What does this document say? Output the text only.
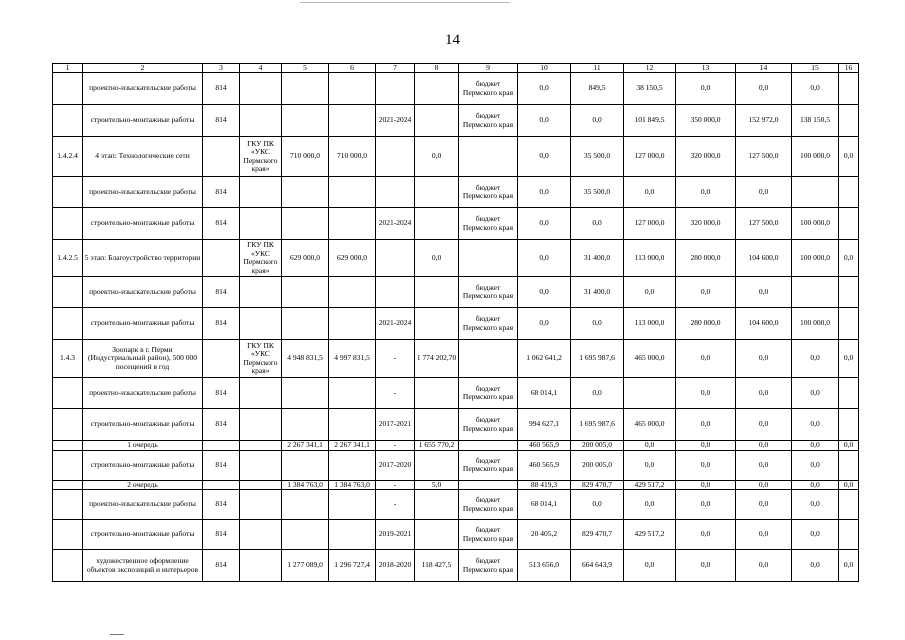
14
1	2	3	4	5	6	7	8	9	10	11	12	13	14	15	16
	проектно-изыскательские работы	814						бюджет Пермского края	0,0	849,5	38 150,5	0,0	0,0	0,0	
	строительно-монтажные работы	814				2021-2024		бюджет Пермского края	0,0	0,0	101 849,5	350 000,0	152 972,0	138 150,5	
1.4.2.4	4 этап: Технологические сети		ГКУ ПК «УКС Пермского края»	710 000,0	710 000,0		0,0		0,0	35 500,0	127 000,0	320 000,0	127 500,0	100 000,0	0,0
	проектно-изыскательские работы	814						бюджет Пермского края	0,0	35 500,0	0,0	0,0	0,0		
	строительно-монтажные работы	814				2021-2024		бюджет Пермского края	0,0	0,0	127 000,0	320 000,0	127 500,0	100 000,0	
1.4.2.5	5 этап: Благоустройство территории		ГКУ ПК «УКС Пермского края»	629 000,0	629 000,0		0,0		0,0	31 400,0	113 000,0	280 000,0	104 600,0	100 000,0	0,0
	проектно-изыскательские работы	814						бюджет Пермского края	0,0	31 400,0	0,0	0,0	0,0		
	строительно-монтажные работы	814				2021-2024		бюджет Пермского края	0,0	0,0	113 000,0	280 000,0	104 600,0	100 000,0	
1.4.3	Зоопарк в г. Перми (Индустриальный район), 500 000 посещений в год		ГКУ ПК «УКС Пермского края»	4 948 831,5	4 997 831,5	-	1 774 202,70		1 062 641,2	1 695 987,6	465 000,0	0,0	0,0	0,0	0,0
	проектно-изыскательские работы	814				-		бюджет Пермского края	68 014,1	0,0		0,0	0,0	0,0	
	строительно-монтажные работы	814				2017-2021		бюджет Пермского края	994 627,1	1 695 987,6	465 000,0	0,0	0,0	0,0	
	1 очередь			2 267 341,1	2 267 341,1	-	1 655 770,2		460 565,9	200 005,0	0,0	0,0	0,0	0,0	0,0
	строительно-монтажные работы	814				2017-2020		бюджет Пермского края	460 565,9	200 005,0	0,0	0,0	0,0	0,0	
	2 очередь			1 384 763,0	1 384 763,0	-	5,0		88 419,3	829 470,7	429 517,2	0,0	0,0	0,0	0,0
	проектно-изыскательские работы	814				-		бюджет Пермского края	68 014,1	0,0	0,0	0,0	0,0	0,0	
	строительно-монтажные работы	814				2019-2021		бюджет Пермского края	20 405,2	829 470,7	429 517,2	0,0	0,0	0,0	
	художественное оформление объектов экспозиций и интерьеров	814		1 277 089,0	1 296 727,4	2018-2020	118 427,5	бюджет Пермского края	513 656,0	664 643,9	0,0	0,0	0,0	0,0	0,0
